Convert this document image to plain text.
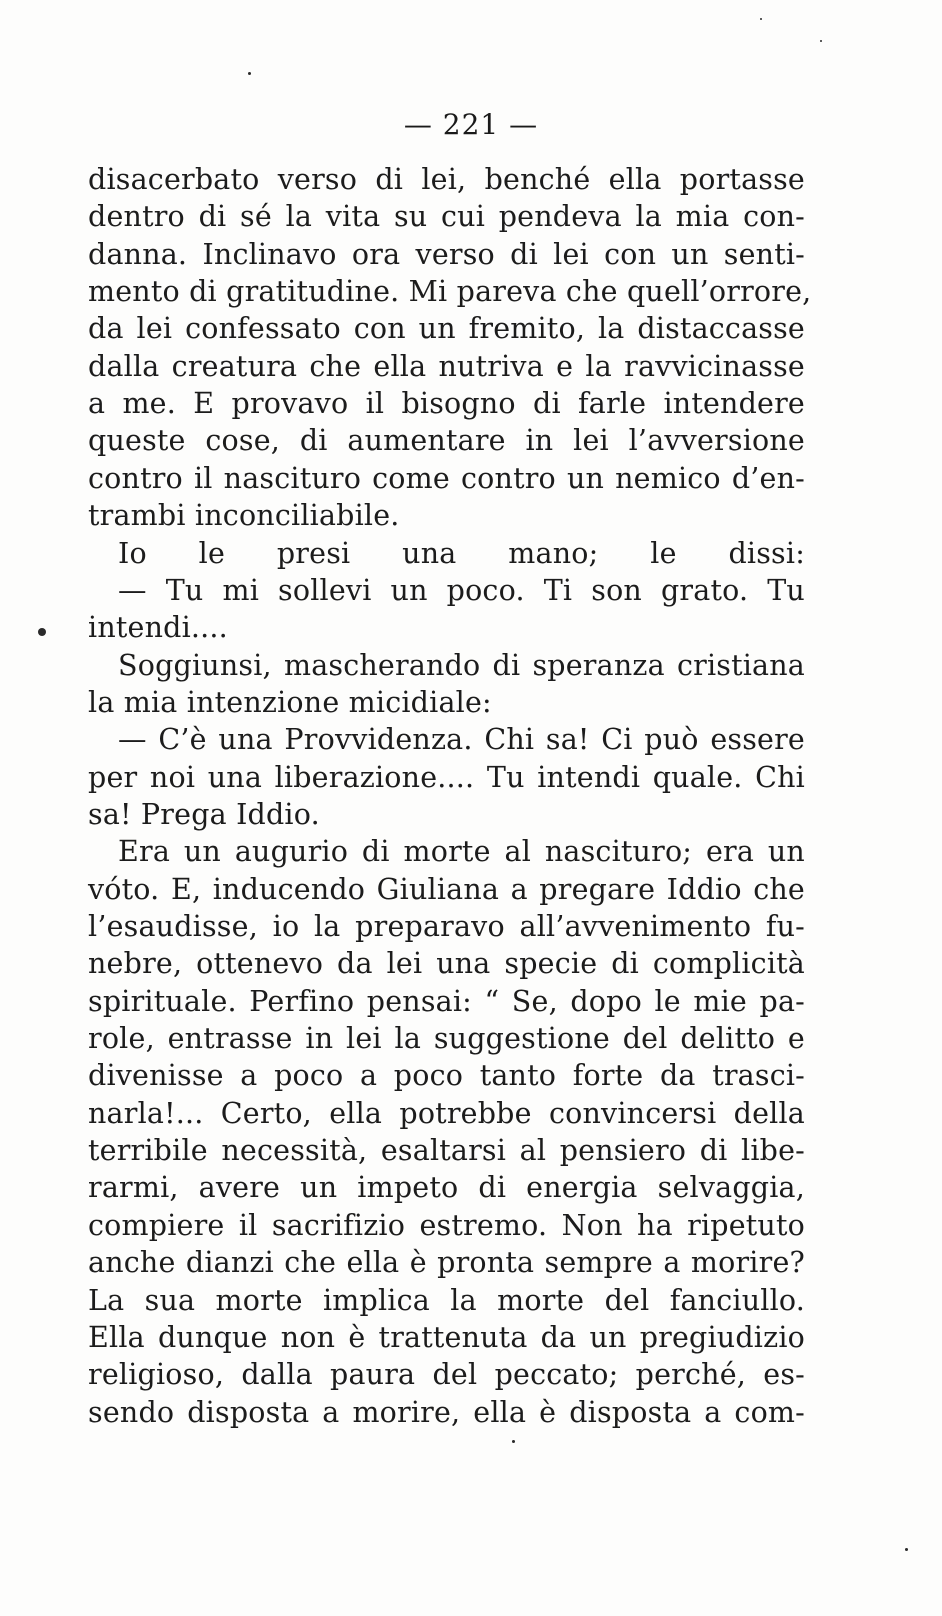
— 221 —
disacerbato verso di lei, benché ella portasse
dentro di sé la vita su cui pendeva la mia con-
danna. Inclinavo ora verso di lei con un senti-
mento di gratitudine. Mi pareva che quell’orrore,
da lei confessato con un fremito, la distaccasse
dalla creatura che ella nutriva e la ravvicinasse
a me. E provavo il bisogno di farle intendere
queste cose, di aumentare in lei l’avversione
contro il nascituro come contro un nemico d’en-
trambi inconciliabile.
Io le presi una mano; le dissi:
— Tu mi sollevi un poco. Ti son grato. Tu
intendi....
Soggiunsi, mascherando di speranza cristiana
la mia intenzione micidiale:
— C’è una Provvidenza. Chi sa! Ci può essere
per noi una liberazione.... Tu intendi quale. Chi
sa! Prega Iddio.
Era un augurio di morte al nascituro; era un
vóto. E, inducendo Giuliana a pregare Iddio che
l’esaudisse, io la preparavo all’avvenimento fu-
nebre, ottenevo da lei una specie di complicità
spirituale. Perfino pensai: “ Se, dopo le mie pa-
role, entrasse in lei la suggestione del delitto e
divenisse a poco a poco tanto forte da trasci-
narla!... Certo, ella potrebbe convincersi della
terribile necessità, esaltarsi al pensiero di libe-
rarmi, avere un impeto di energia selvaggia,
compiere il sacrifizio estremo. Non ha ripetuto
anche dianzi che ella è pronta sempre a morire?
La sua morte implica la morte del fanciullo.
Ella dunque non è trattenuta da un pregiudizio
religioso, dalla paura del peccato; perché, es-
sendo disposta a morire, ella è disposta a com-
